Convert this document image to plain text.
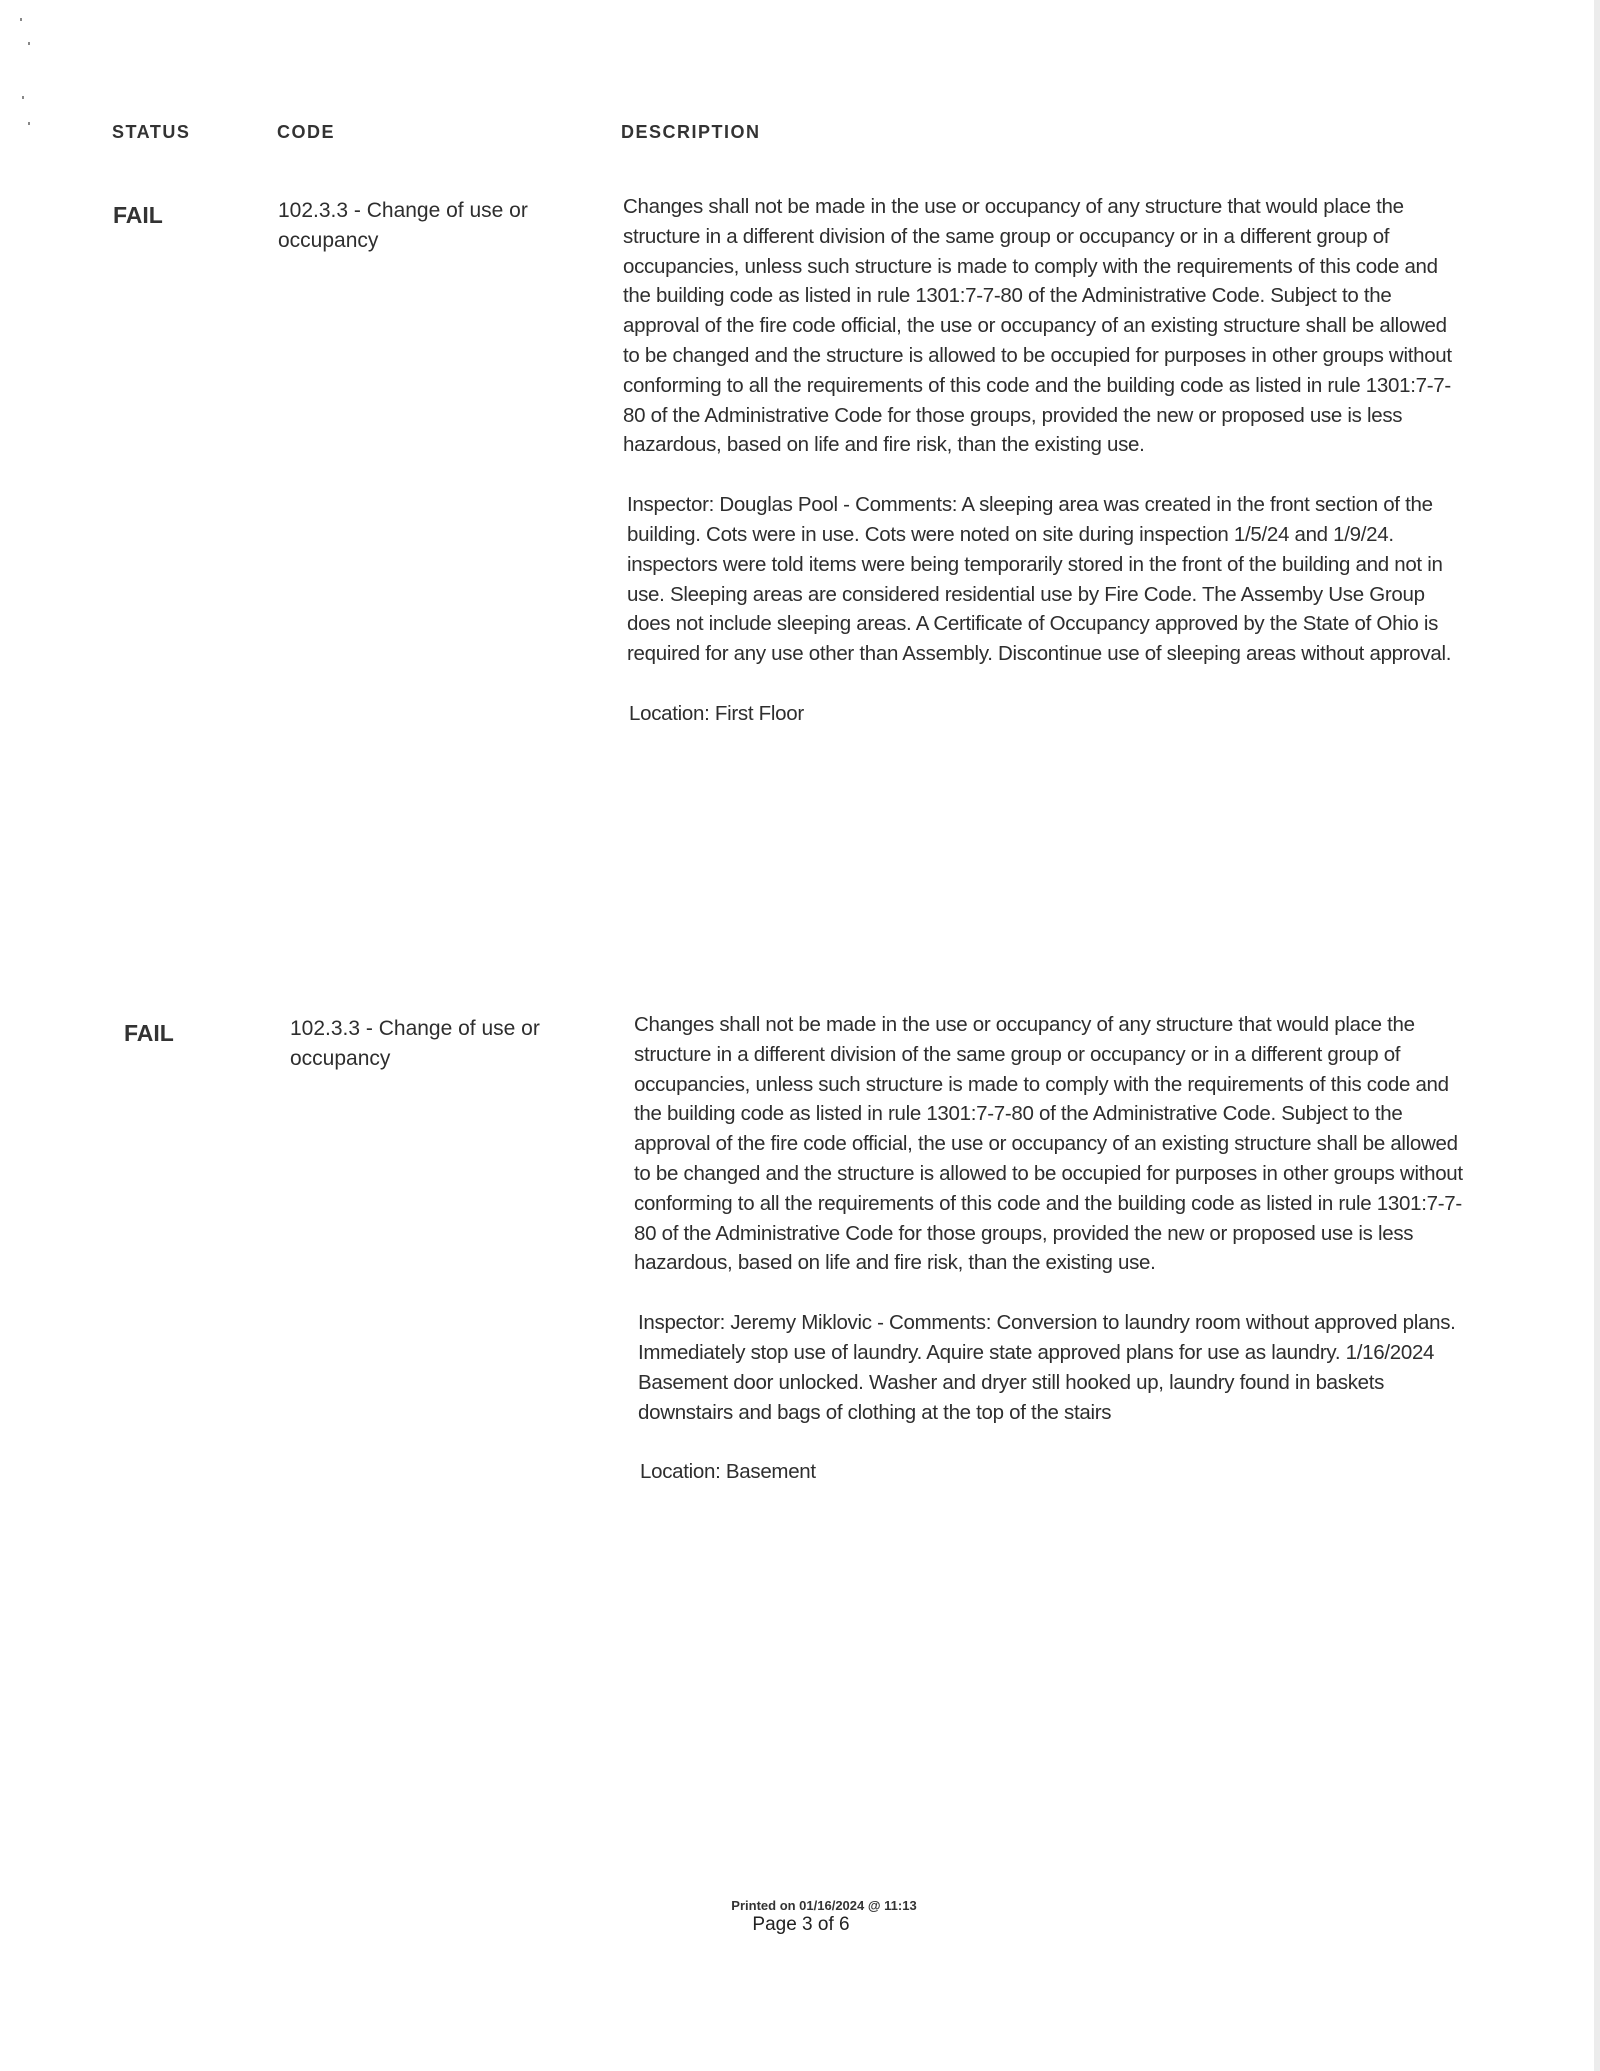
STATUS	CODE	DESCRIPTION
FAIL	102.3.3 - Change of use or occupancy

Changes shall not be made in the use or occupancy of any structure that would place the structure in a different division of the same group or occupancy or in a different group of occupancies, unless such structure is made to comply with the requirements of this code and the building code as listed in rule 1301:7-7-80 of the Administrative Code. Subject to the approval of the fire code official, the use or occupancy of an existing structure shall be allowed to be changed and the structure is allowed to be occupied for purposes in other groups without conforming to all the requirements of this code and the building code as listed in rule 1301:7-7-80 of the Administrative Code for those groups, provided the new or proposed use is less hazardous, based on life and fire risk, than the existing use.

Inspector: Douglas Pool - Comments: A sleeping area was created in the front section of the building. Cots were in use. Cots were noted on site during inspection 1/5/24 and 1/9/24. inspectors were told items were being temporarily stored in the front of the building and not in use. Sleeping areas are considered residential use by Fire Code. The Assemby Use Group does not include sleeping areas. A Certificate of Occupancy approved by the State of Ohio is required for any use other than Assembly. Discontinue use of sleeping areas without approval.

Location: First Floor

FAIL	102.3.3 - Change of use or occupancy

Changes shall not be made in the use or occupancy of any structure that would place the structure in a different division of the same group or occupancy or in a different group of occupancies, unless such structure is made to comply with the requirements of this code and the building code as listed in rule 1301:7-7-80 of the Administrative Code. Subject to the approval of the fire code official, the use or occupancy of an existing structure shall be allowed to be changed and the structure is allowed to be occupied for purposes in other groups without conforming to all the requirements of this code and the building code as listed in rule 1301:7-7-80 of the Administrative Code for those groups, provided the new or proposed use is less hazardous, based on life and fire risk, than the existing use.

Inspector: Jeremy Miklovic - Comments: Conversion to laundry room without approved plans. Immediately stop use of laundry. Aquire state approved plans for use as laundry. 1/16/2024 Basement door unlocked. Washer and dryer still hooked up, laundry found in baskets downstairs and bags of clothing at the top of the stairs

Location: Basement

Printed on 01/16/2024 @ 11:13
Page 3 of 6
